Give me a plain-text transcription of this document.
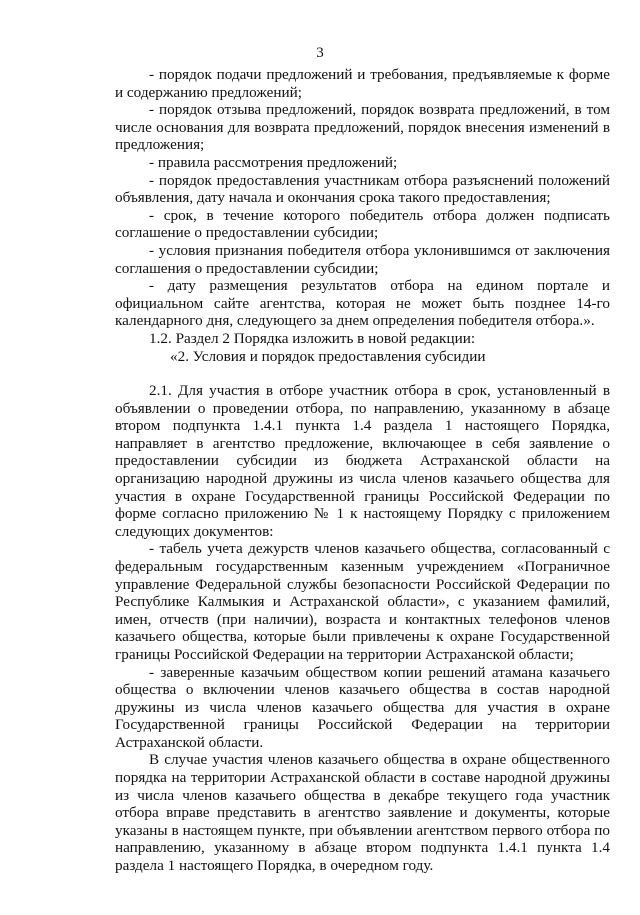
3

- порядок подачи предложений и требования, предъявляемые к форме и содержанию предложений;

- порядок отзыва предложений, порядок возврата предложений, в том числе основания для возврата предложений, порядок внесения изменений в предложения;

- правила рассмотрения предложений;

- порядок предоставления участникам отбора разъяснений положений объявления, дату начала и окончания срока такого предоставления;

- срок, в течение которого победитель отбора должен подписать соглашение о предоставлении субсидии;

- условия признания победителя отбора уклонившимся от заключения соглашения о предоставлении субсидии;

- дату размещения результатов отбора на едином портале и официальном сайте агентства, которая не может быть позднее 14-го календарного дня, следующего за днем определения победителя отбора.».

1.2. Раздел 2 Порядка изложить в новой редакции:

«2. Условия и порядок предоставления субсидии

2.1. Для участия в отборе участник отбора в срок, установленный в объявлении о проведении отбора, по направлению, указанному в абзаце втором подпункта 1.4.1 пункта 1.4 раздела 1 настоящего Порядка, направляет в агентство предложение, включающее в себя заявление о предоставлении субсидии из бюджета Астраханской области на организацию народной дружины из числа членов казачьего общества для участия в охране Государственной границы Российской Федерации по форме согласно приложению № 1 к настоящему Порядку с приложением следующих документов:

- табель учета дежурств членов казачьего общества, согласованный с федеральным государственным казенным учреждением «Пограничное управление Федеральной службы безопасности Российской Федерации по Республике Калмыкия и Астраханской области», с указанием фамилий, имен, отчеств (при наличии), возраста и контактных телефонов членов казачьего общества, которые были привлечены к охране Государственной границы Российской Федерации на территории Астраханской области;

- заверенные казачьим обществом копии решений атамана казачьего общества о включении членов казачьего общества в состав народной дружины из числа членов казачьего общества для участия в охране Государственной границы Российской Федерации на территории Астраханской области.

В случае участия членов казачьего общества в охране общественного порядка на территории Астраханской области в составе народной дружины из числа членов казачьего общества в декабре текущего года участник отбора вправе представить в агентство заявление и документы, которые указаны в настоящем пункте, при объявлении агентством первого отбора по направлению, указанному в абзаце втором подпункта 1.4.1 пункта 1.4 раздела 1 настоящего Порядка, в очередном году.
